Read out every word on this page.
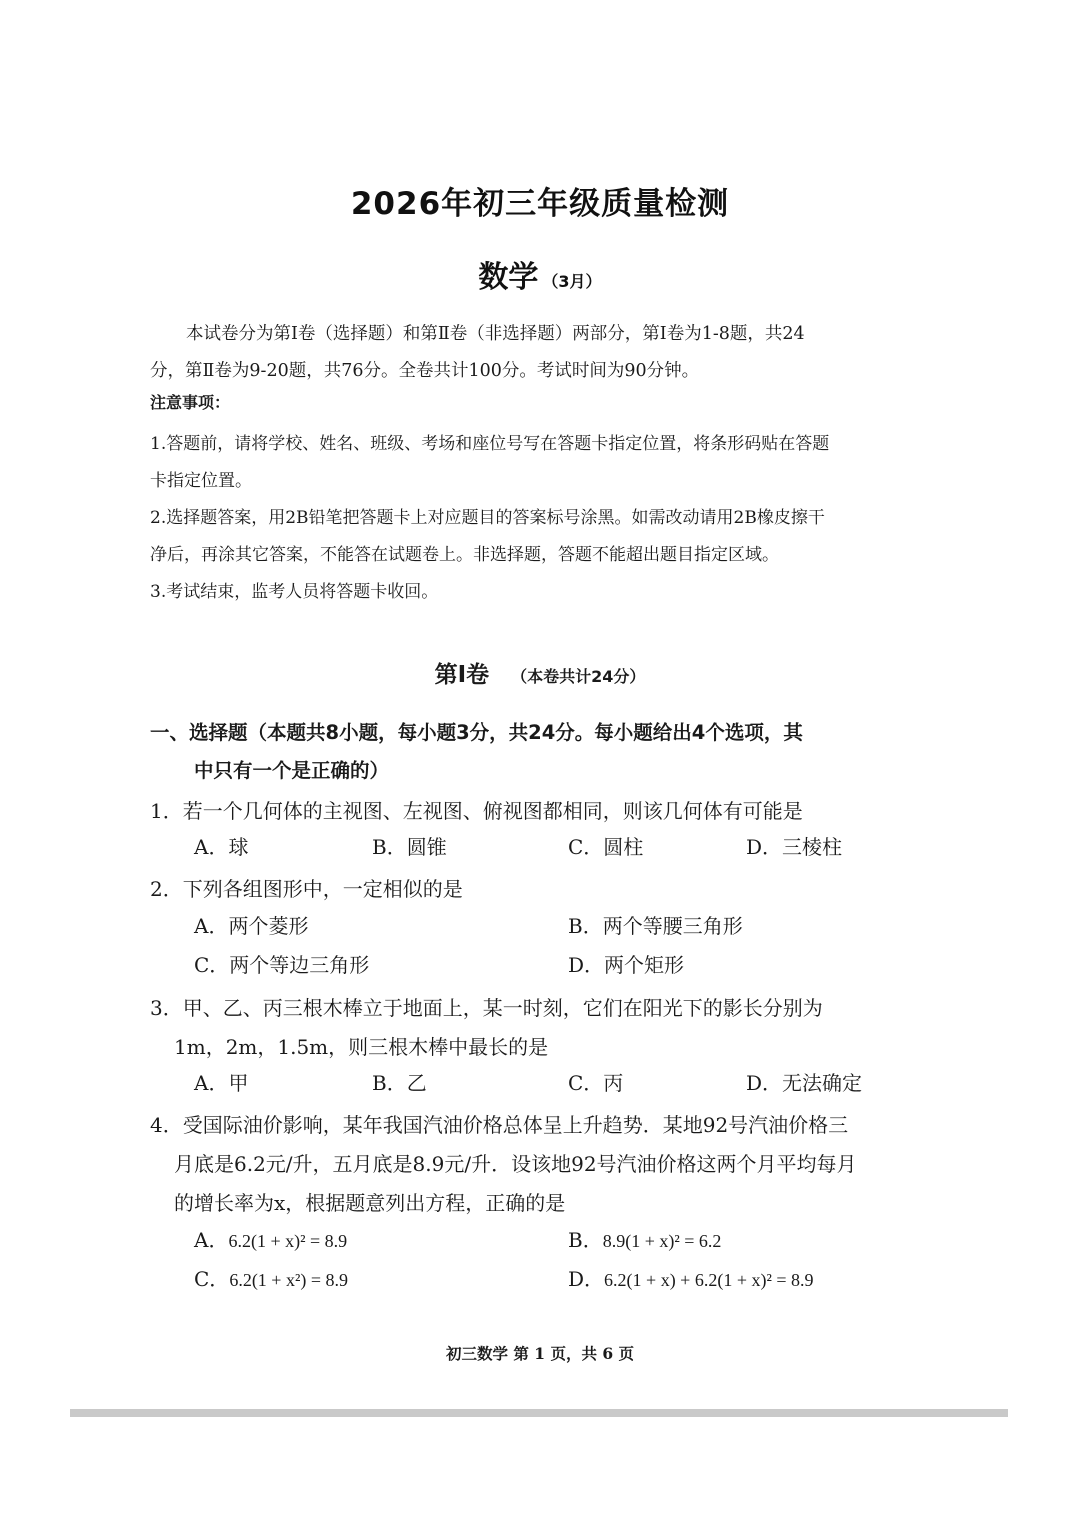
2026年初三年级质量检测
数学 （3月）
本试卷分为第Ⅰ卷（选择题）和第Ⅱ卷（非选择题）两部分，第Ⅰ卷为1-8题，共24
分，第Ⅱ卷为9-20题，共76分。全卷共计100分。考试时间为90分钟。
注意事项：

1.答题前，请将学校、姓名、班级、考场和座位号写在答题卡指定位置，将条形码贴在答题

卡指定位置。

2.选择题答案，用2B铅笔把答题卡上对应题目的答案标号涂黑。如需改动请用2B橡皮擦干

净后，再涂其它答案，不能答在试题卷上。非选择题，答题不能超出题目指定区域。

3.考试结束，监考人员将答题卡收回。

第Ⅰ卷 （本卷共计24分）
一、选择题（本题共8小题，每小题3分，共24分。每小题给出4个选项，其
中只有一个是正确的）
1．若一个几何体的主视图、左视图、俯视图都相同，则该几何体有可能是
A．球	B．圆锥	C．圆柱	D．三棱柱
2．下列各组图形中，一定相似的是
A．两个菱形	B．两个等腰三角形
C．两个等边三角形	D．两个矩形
3．甲、乙、丙三根木棒立于地面上，某一时刻，它们在阳光下的影长分别为
1m，2m，1.5m，则三根木棒中最长的是
A．甲	B．乙	C．丙	D．无法确定
4．受国际油价影响，某年我国汽油价格总体呈上升趋势．某地92号汽油价格三
月底是6.2元/升，五月底是8.9元/升．设该地92号汽油价格这两个月平均每月
的增长率为x，根据题意列出方程，正确的是
A．6.2(1 + x)² = 8.9	B．8.9(1 + x)² = 6.2
C．6.2(1 + x²) = 8.9	D．6.2(1 + x) + 6.2(1 + x)² = 8.9
初三数学 第 1 页，共 6 页
